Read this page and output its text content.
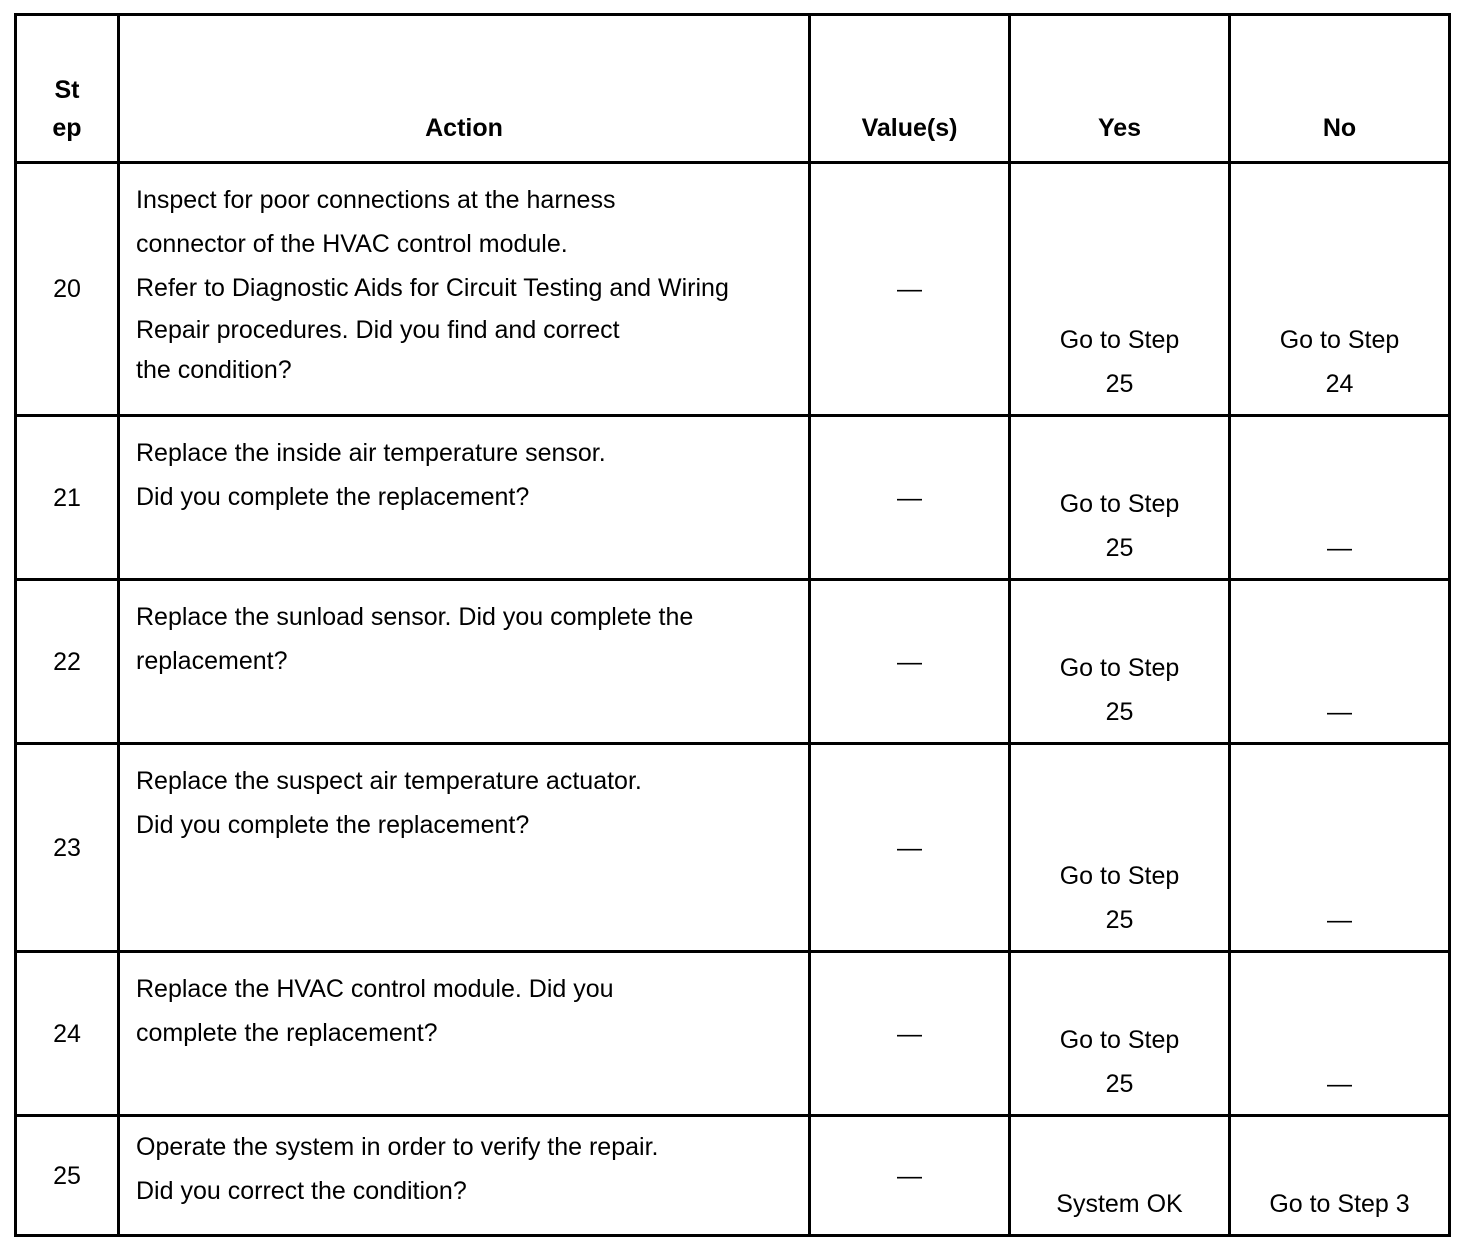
St
ep	Action	Value(s)	Yes	No
20	Inspect for poor connections at the harness
connector of the HVAC control module.
Refer to Diagnostic Aids for Circuit Testing and Wiring
Repair procedures. Did you find and correct
the condition?	—	Go to Step
25	Go to Step
24

21	Replace the inside air temperature sensor.
Did you complete the replacement?	—	Go to Step
25	—

22	Replace the sunload sensor. Did you complete the
replacement?	—	Go to Step
25	—

23	Replace the suspect air temperature actuator.
Did you complete the replacement?	—	Go to Step
25	—

24	Replace the HVAC control module. Did you
complete the replacement?	—	Go to Step
25	—

25	Operate the system in order to verify the repair.
Did you correct the condition?	—	System OK	Go to Step 3
